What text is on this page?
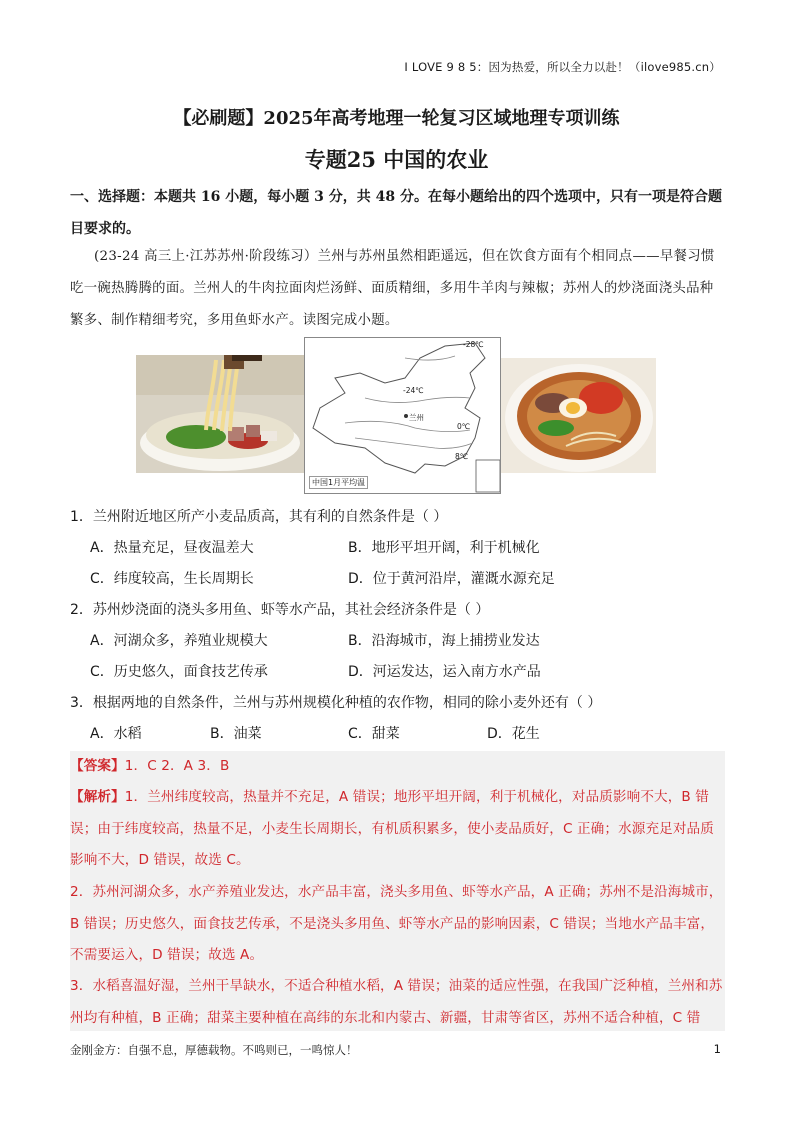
I LOVE 9 8 5：因为热爱，所以全力以赴！（ilove985.cn）
【必刷题】2025年高考地理一轮复习区域地理专项训练
专题25 中国的农业
一、选择题：本题共 16 小题，每小题 3 分，共 48 分。在每小题给出的四个选项中，只有一项是符合题目要求的。
(23-24 高三上·江苏苏州·阶段练习）兰州与苏州虽然相距遥远，但在饮食方面有个相同点——早餐习惯吃一碗热腾腾的面。兰州人的牛肉拉面肉烂汤鲜、面质精细，多用牛羊肉与辣椒；苏州人的炒浇面浇头品种繁多、制作精细考究，多用鱼虾水产。读图完成小题。
-28℃
-24℃
0℃
8℃
兰州
中国1月平均温
1．兰州附近地区所产小麦品质高，其有利的自然条件是（ ）
A．热量充足，昼夜温差大	B．地形平坦开阔，利于机械化
C．纬度较高，生长周期长	D．位于黄河沿岸，灌溉水源充足
2．苏州炒浇面的浇头多用鱼、虾等水产品，其社会经济条件是（ ）
A．河湖众多，养殖业规模大	B．沿海城市，海上捕捞业发达
C．历史悠久，面食技艺传承	D．河运发达，运入南方水产品
3．根据两地的自然条件，兰州与苏州规模化种植的农作物，相同的除小麦外还有（ ）
A．水稻	B．油菜	C．甜菜	D．花生
【答案】1．C 2．A 3．B
【解析】1．兰州纬度较高，热量并不充足，A 错误；地形平坦开阔，利于机械化，对品质影响不大，B 错误；由于纬度较高，热量不足，小麦生长周期长，有机质积累多，使小麦品质好，C 正确；水源充足对品质影响不大，D 错误，故选 C。
2．苏州河湖众多，水产养殖业发达，水产品丰富，浇头多用鱼、虾等水产品，A 正确；苏州不是沿海城市，B 错误；历史悠久，面食技艺传承，不是浇头多用鱼、虾等水产品的影响因素，C 错误；当地水产品丰富，不需要运入，D 错误；故选 A。
3．水稻喜温好湿，兰州干旱缺水，不适合种植水稻，A 错误；油菜的适应性强，在我国广泛种植，兰州和苏州均有种植，B 正确；甜菜主要种植在高纬的东北和内蒙古、新疆，甘肃等省区，苏州不适合种植，C 错
金刚金方：自强不息，厚德载物。不鸣则已，一鸣惊人！	1
